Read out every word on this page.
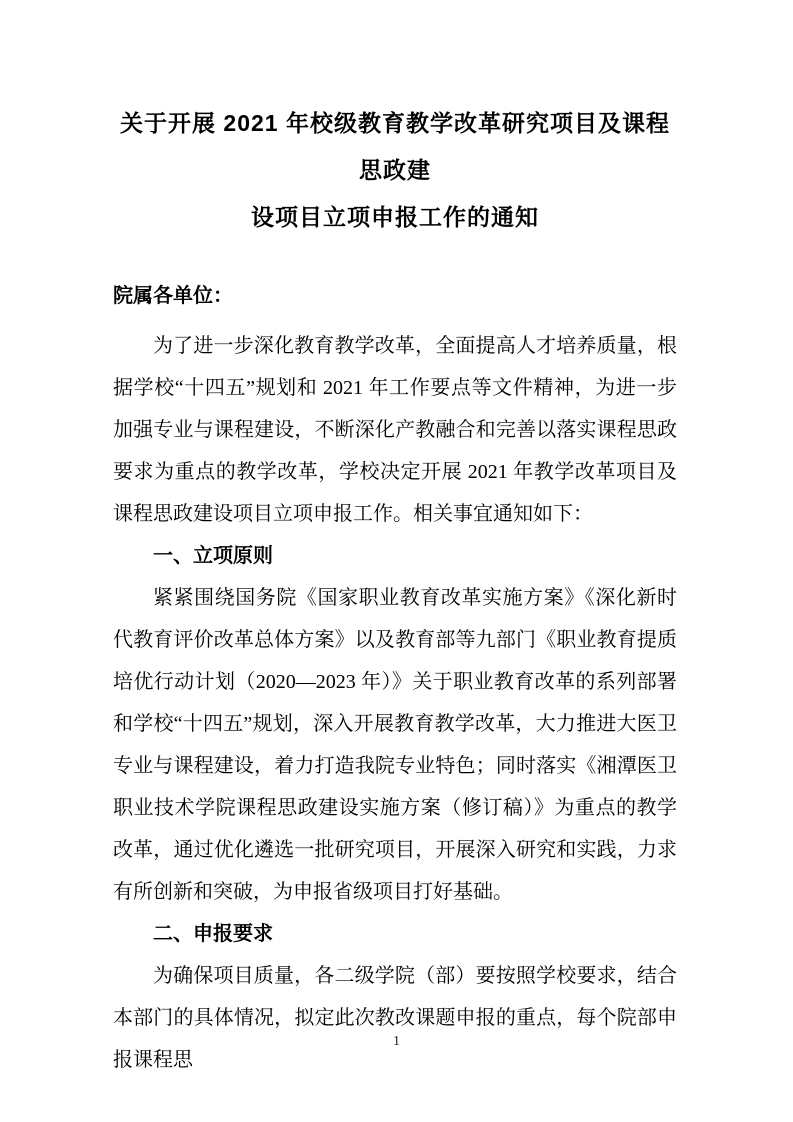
关于开展 2021 年校级教育教学改革研究项目及课程思政建
设项目立项申报工作的通知
院属各单位：

为了进一步深化教育教学改革，全面提高人才培养质量，根据学校“十四五”规划和 2021 年工作要点等文件精神，为进一步加强专业与课程建设，不断深化产教融合和完善以落实课程思政要求为重点的教学改革，学校决定开展 2021 年教学改革项目及课程思政建设项目立项申报工作。相关事宜通知如下：

一、立项原则

紧紧围绕国务院《国家职业教育改革实施方案》《深化新时代教育评价改革总体方案》以及教育部等九部门《职业教育提质培优行动计划（2020—2023 年）》关于职业教育改革的系列部署和学校“十四五”规划，深入开展教育教学改革，大力推进大医卫专业与课程建设，着力打造我院专业特色；同时落实《湘潭医卫职业技术学院课程思政建设实施方案（修订稿）》为重点的教学改革，通过优化遴选一批研究项目，开展深入研究和实践，力求有所创新和突破，为申报省级项目打好基础。

二、申报要求

为确保项目质量，各二级学院（部）要按照学校要求，结合本部门的具体情况，拟定此次教改课题申报的重点，每个院部申报课程思

1
